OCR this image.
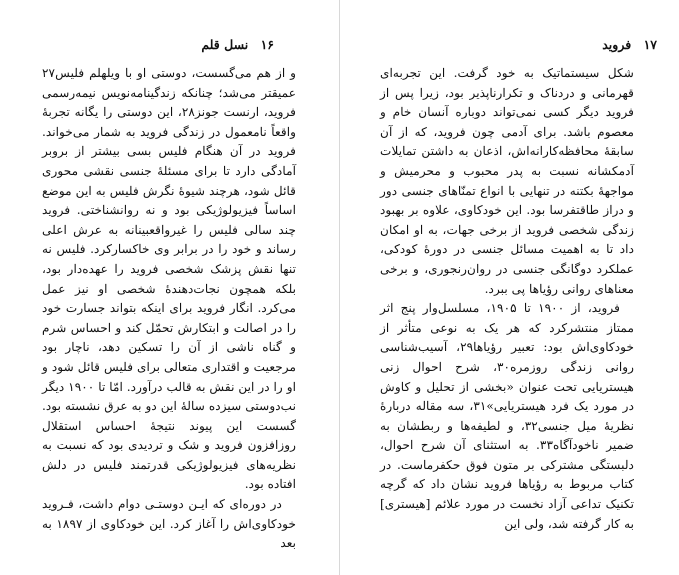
۱۶ نسل قلم

و از هم می‌گسست، دوستی او با ویلهلم فلیس۲۷ عمیقتر می‌شد؛ چنانکه زندگینامه‌نویس نیمه‌رسمی فروید، ارنست جونز۲۸، این دوستی را یگانه تجربهٔ واقعاً نامعمول در زندگی فروید به شمار می‌خواند. فروید در آن هنگام فلیس بسی بیشتر از بروبر آمادگی دارد تا برای مسئلهٔ جنسی نقشی محوری قائل شود، هرچند شیوهٔ نگرش فلیس به این موضع اساساً فیزیولوژیکی بود و نه روانشناختی. فروید چند سالی فلیس را غیرواقعبینانه به عرش اعلی رساند و خود را در برابر وی خاکسارکرد. فلیس نه تنها نقش پزشک شخصی فروید را عهده‌دار بود، بلکه همچون نجات‌دهندهٔ شخصی او نیز عمل می‌کرد. انگار فروید برای اینکه بتواند جسارت خود را در اصالت و ابتکارش تحمّل کند و احساس شرم و گناه ناشی از آن را تسکین دهد، ناچار بود مرجعیت و اقتداری متعالی برای فلیس قائل شود و او را در این نقش به قالب درآورد. امّا تا ۱۹۰۰ دیگر نب‌دوستی سیزده سالهٔ این دو به عرق نشسته بود. گسست این پیوند نتیجهٔ احساس استقلال روزافزون فروید و شک و تردیدی بود که نسبت به نظریه‌های فیزیولوژیکی قدرتمند فلیس در دلش افتاده بود.

در دوره‌ای که ایـن دوستـی دوام داشت، فـروید خودکاوی‌اش را آغاز کرد. این خودکاوی از ۱۸۹۷ به بعد

۱۷ فروید

شکل سیستماتیک به خود گرفت. این تجربه‌ای قهرمانی و دردناک و تکرارناپذیر بود، زیرا پس از فروید دیگر کسی نمی‌تواند دوباره آنسان خام و معصوم باشد. برای آدمی چون فروید، که از آن سابقهٔ محافظه‌کارانه‌اش، اذعان به داشتن تمایلات آدمکشانه نسبت به پدر محبوب و محرمیش و مواجههٔ بکتنه در تنهایی با انواع تمنّاهای جنسی دور و دراز طاقتفرسا بود. این خودکاوی، علاوه بر بهبود زندگی شخصی فروید از برخی جهات، به او امکان داد تا به اهمیت مسائل جنسی در دورهٔ کودکی، عملکرد دوگانگی جنسی در روان‌رنجوری، و برخی معناهای روانی رؤیاها پی ببرد.

فروید، از ۱۹۰۰ تا ۱۹۰۵، مسلسل‌وار پنج اثر ممتاز منتشرکرد که هر یک به نوعی متأثر از خودکاوی‌اش بود: تعبیر رؤیاها۲۹، آسیب‌شناسی روانی زندگی روزمره۳۰، شرح احوال زنی هیستریایی تحت عنوان «بخشی از تحلیل و کاوش در مورد یک فرد هیستریایی»۳۱، سه مقاله دربارهٔ نظریهٔ میل جنسی۳۲، و لطیفه‌ها و ربطشان به ضمیر ناخودآگاه۳۳. به استثنای آن شرح احوال، دلبستگی مشترکی بر متون فوق حکفرماست. در کتاب مربوط به رؤیاها فروید نشان داد که گرچه تکنیک تداعی آزاد نخست در مورد علائم [هیستری] به کار گرفته شد، ولی این
